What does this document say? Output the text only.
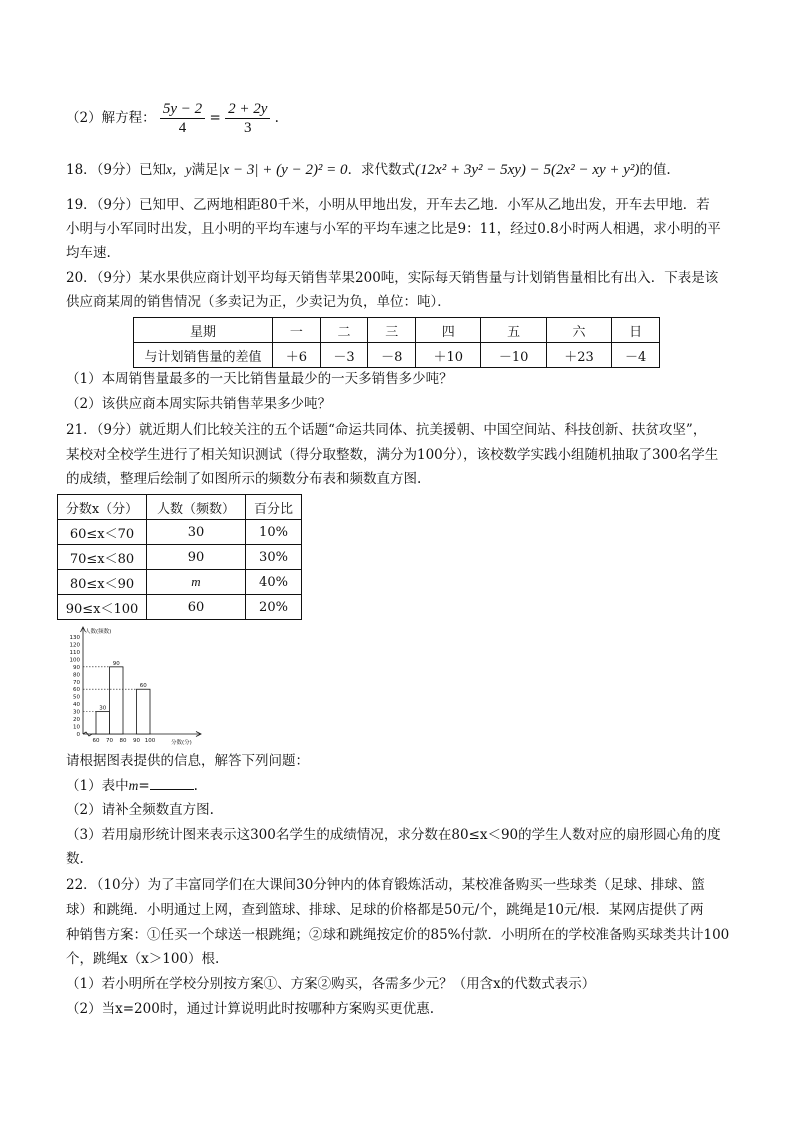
（2）解方程： $\frac{5y - 2}{4} = \frac{2 + 2y}{3}$ .
18．（9分）已知x，y满足|x − 3| + (y − 2)² = 0．求代数式(12x² + 3y² − 5xy) − 5(2x² − xy + y²)的值.
19．（9分）已知甲、乙两地相距80千米，小明从甲地出发，开车去乙地．小军从乙地出发，开车去甲地．若
小明与小军同时出发，且小明的平均车速与小军的平均车速之比是9：11，经过0.8小时两人相遇，求小明的平
均车速.
20．（9分）某水果供应商计划平均每天销售苹果200吨，实际每天销售量与计划销售量相比有出入．下表是该
供应商某周的销售情况（多卖记为正，少卖记为负，单位：吨）．
星期	一	二	三	四	五	六	日
与计划销售量的差值	＋6	－3	－8	＋10	－10	＋23	－4
（1）本周销售量最多的一天比销售量最少的一天多销售多少吨？
（2）该供应商本周实际共销售苹果多少吨？
21．（9分）就近期人们比较关注的五个话题“命运共同体、抗美援朝、中国空间站、科技创新、扶贫攻坚”，
某校对全校学生进行了相关知识测试（得分取整数，满分为100分），该校数学实践小组随机抽取了300名学生
的成绩，整理后绘制了如图所示的频数分布表和频数直方图.
分数x（分）	人数（频数）	百分比
60≤x＜70	30	10%
70≤x＜80	90	30%
80≤x＜90	m	40%
90≤x＜100	60	20%
人数(频数)
分数(分)
0
10
20
30
40
50
60
70
80
90
100
110
120
130
60 70 80 90 100
30
90
60
请根据图表提供的信息，解答下列问题：
（1）表中m=	.
（2）请补全频数直方图.
（3）若用扇形统计图来表示这300名学生的成绩情况，求分数在80≤x＜90的学生人数对应的扇形圆心角的度
数.
22．（10分）为了丰富同学们在大课间30分钟内的体育锻炼活动，某校准备购买一些球类（足球、排球、篮
球）和跳绳．小明通过上网，查到篮球、排球、足球的价格都是50元/个，跳绳是10元/根．某网店提供了两
种销售方案：①任买一个球送一根跳绳；②球和跳绳按定价的85%付款．小明所在的学校准备购买球类共计100
个，跳绳x（x＞100）根.
（1）若小明所在学校分别按方案①、方案②购买，各需多少元？（用含x的代数式表示）
（2）当x=200时，通过计算说明此时按哪种方案购买更优惠.
